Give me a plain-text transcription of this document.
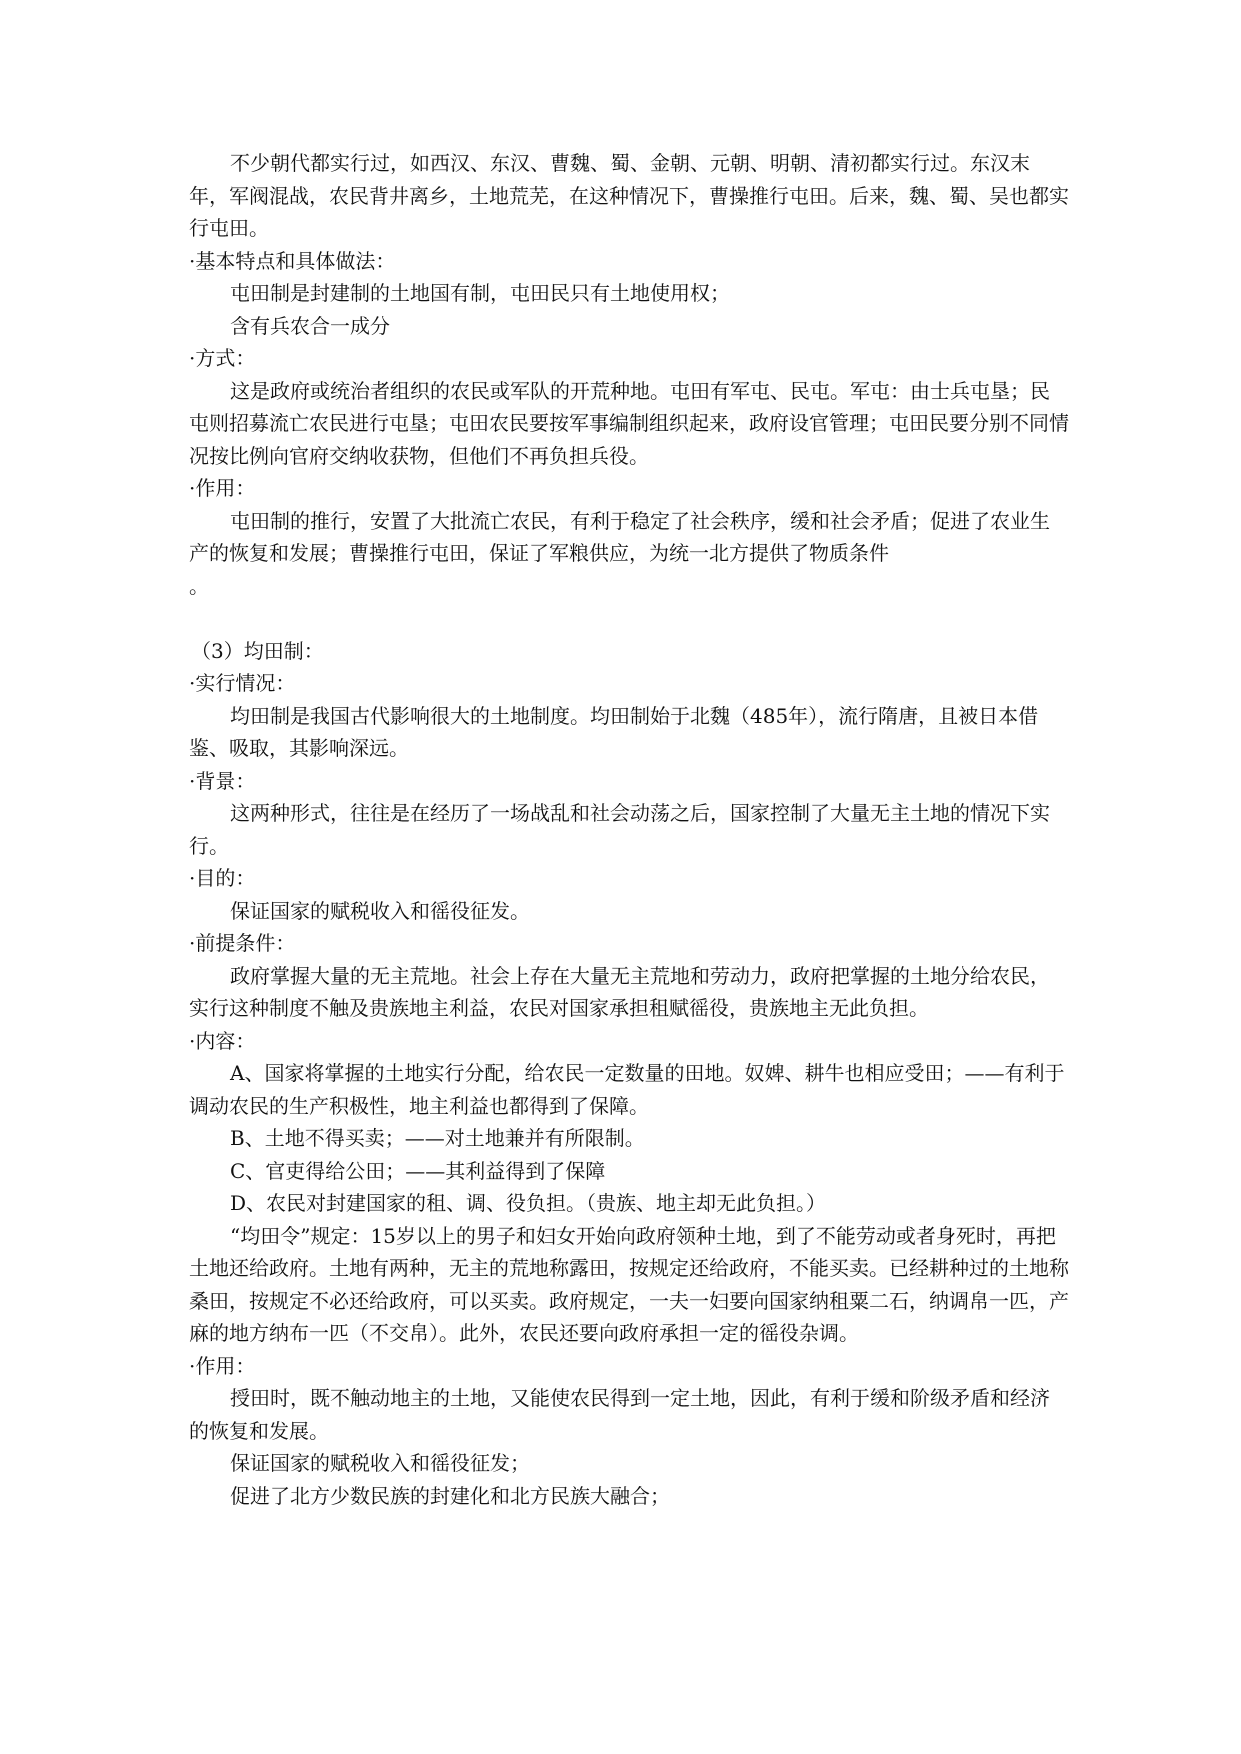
不少朝代都实行过，如西汉、东汉、曹魏、蜀、金朝、元朝、明朝、清初都实行过。东汉末年，军阀混战，农民背井离乡，土地荒芜，在这种情况下，曹操推行屯田。后来，魏、蜀、吴也都实行屯田。

·基本特点和具体做法：

屯田制是封建制的土地国有制，屯田民只有土地使用权；

含有兵农合一成分

·方式：

这是政府或统治者组织的农民或军队的开荒种地。屯田有军屯、民屯。军屯：由士兵屯垦；民屯则招募流亡农民进行屯垦；屯田农民要按军事编制组织起来，政府设官管理；屯田民要分别不同情况按比例向官府交纳收获物，但他们不再负担兵役。

·作用：

屯田制的推行，安置了大批流亡农民，有利于稳定了社会秩序，缓和社会矛盾；促进了农业生产的恢复和发展；曹操推行屯田，保证了军粮供应，为统一北方提供了物质条件

。

（3）均田制：

·实行情况：

均田制是我国古代影响很大的土地制度。均田制始于北魏（485年），流行隋唐，且被日本借鉴、吸取，其影响深远。

·背景：

这两种形式，往往是在经历了一场战乱和社会动荡之后，国家控制了大量无主土地的情况下实行。

·目的：

保证国家的赋税收入和徭役征发。

·前提条件：

政府掌握大量的无主荒地。社会上存在大量无主荒地和劳动力，政府把掌握的土地分给农民，实行这种制度不触及贵族地主利益，农民对国家承担租赋徭役，贵族地主无此负担。

·内容：

A、国家将掌握的土地实行分配，给农民一定数量的田地。奴婢、耕牛也相应受田；——有利于调动农民的生产积极性，地主利益也都得到了保障。

B、土地不得买卖；——对土地兼并有所限制。

C、官吏得给公田；——其利益得到了保障

D、农民对封建国家的租、调、役负担。（贵族、地主却无此负担。）

“均田令”规定：15岁以上的男子和妇女开始向政府领种土地，到了不能劳动或者身死时，再把土地还给政府。土地有两种，无主的荒地称露田，按规定还给政府，不能买卖。已经耕种过的土地称桑田，按规定不必还给政府，可以买卖。政府规定，一夫一妇要向国家纳租粟二石，纳调帛一匹，产麻的地方纳布一匹（不交帛）。此外，农民还要向政府承担一定的徭役杂调。

·作用：

授田时，既不触动地主的土地，又能使农民得到一定土地，因此，有利于缓和阶级矛盾和经济的恢复和发展。

保证国家的赋税收入和徭役征发；

促进了北方少数民族的封建化和北方民族大融合；
